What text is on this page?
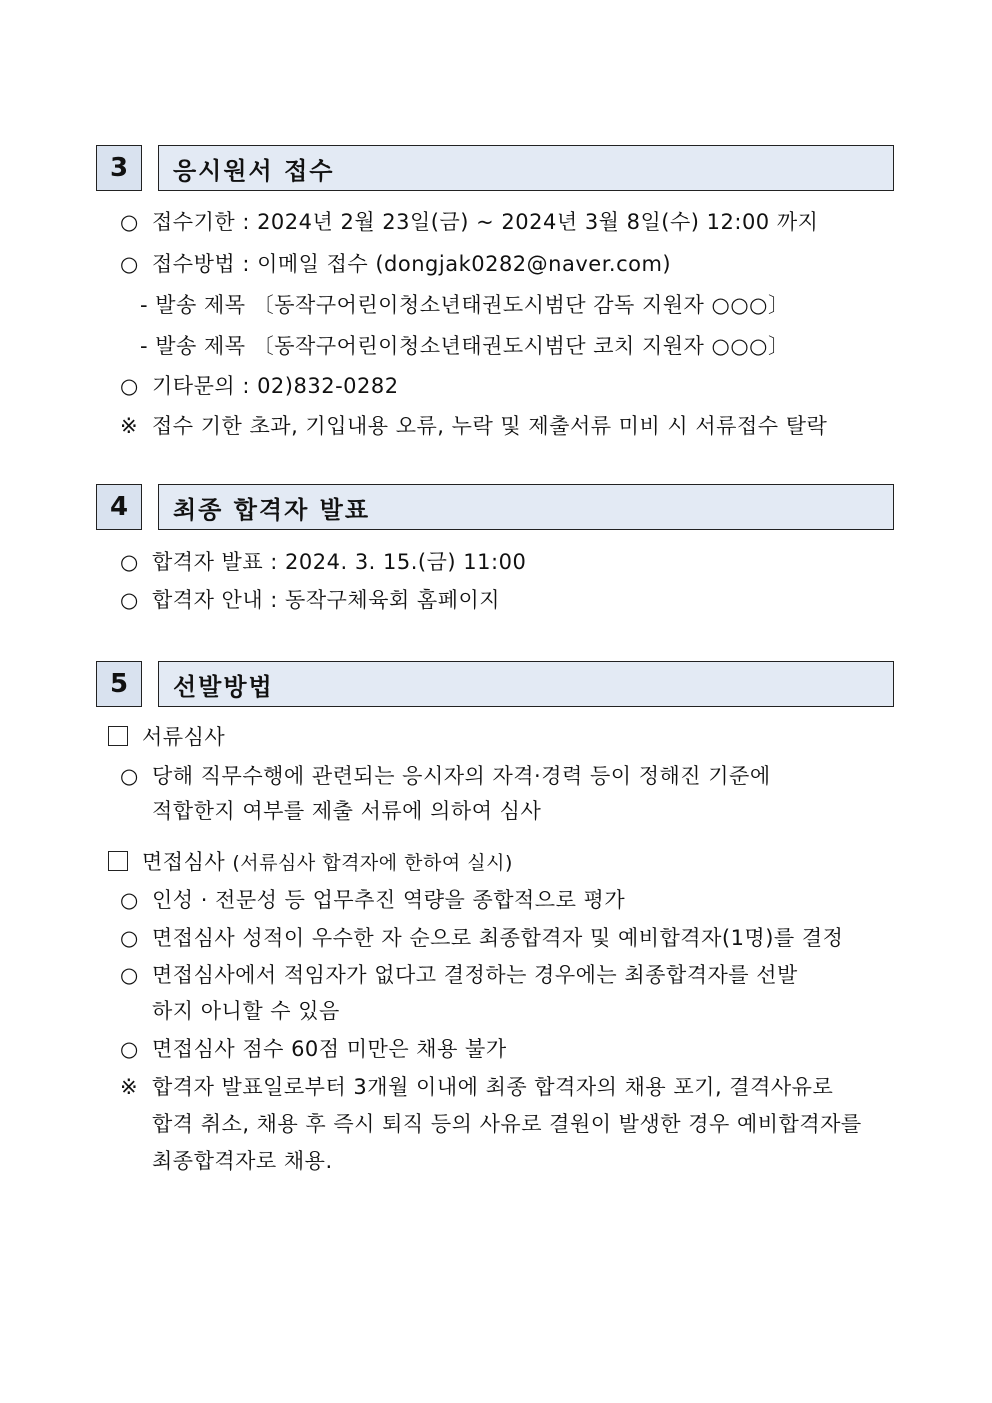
3	응시원서 접수
○ 접수기한 : 2024년 2월 23일(금) ~ 2024년 3월 8일(수) 12:00 까지
○ 접수방법 : 이메일 접수 (dongjak0282@naver.com)
- 발송 제목 〔동작구어린이청소년태권도시범단 감독 지원자 ○○○〕
- 발송 제목 〔동작구어린이청소년태권도시범단 코치 지원자 ○○○〕
○ 기타문의 : 02)832-0282
※ 접수 기한 초과, 기입내용 오류, 누락 및 제출서류 미비 시 서류접수 탈락
4	최종 합격자 발표
○ 합격자 발표 : 2024. 3. 15.(금) 11:00
○ 합격자 안내 : 동작구체육회 홈페이지
5	선발방법
서류심사
○ 당해 직무수행에 관련되는 응시자의 자격·경력 등이 정해진 기준에
적합한지 여부를 제출 서류에 의하여 심사
면접심사 (서류심사 합격자에 한하여 실시)
○ 인성 · 전문성 등 업무추진 역량을 종합적으로 평가
○ 면접심사 성적이 우수한 자 순으로 최종합격자 및 예비합격자(1명)를 결정
○ 면접심사에서 적임자가 없다고 결정하는 경우에는 최종합격자를 선발
하지 아니할 수 있음
○ 면접심사 점수 60점 미만은 채용 불가
※ 합격자 발표일로부터 3개월 이내에 최종 합격자의 채용 포기, 결격사유로
합격 취소, 채용 후 즉시 퇴직 등의 사유로 결원이 발생한 경우 예비합격자를
최종합격자로 채용.
